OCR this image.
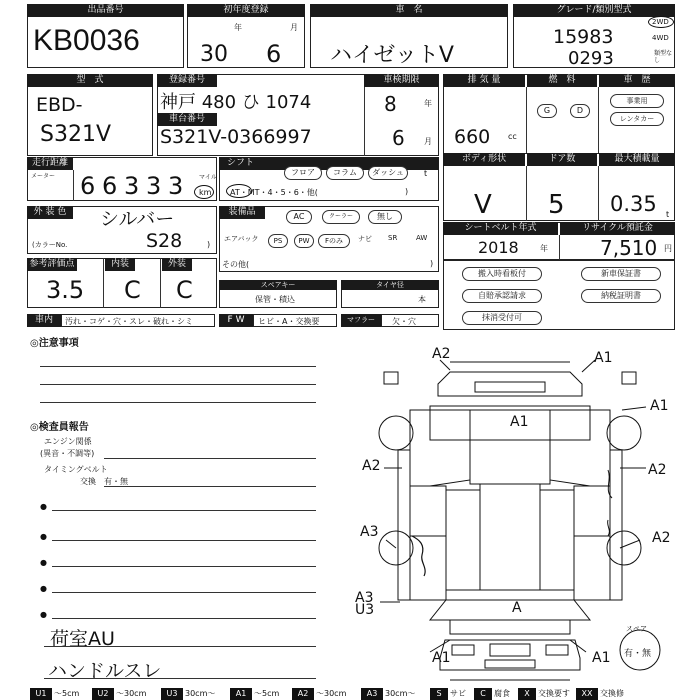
出品番号
KB0036
初年度登録
年	月
30 6
車　名
ハイゼットV
グレード/類別型式
15983
0293
2WD
4WD
類型なし
型　式
EBD-
S321V
登録番号
神戸 480 ひ 1074
車台番号
S321V-0366997
車検期限
8	年
6 月
排 気 量	燃　料	車　歴
660 cc
G	D
事業用
レンタカー
走行距離
メーター	マイル
km
シフト
フロア	コラム	ダッシュ	t
AT・MT・4・5・6・他(	)
ボディ形状	ドア数	最大積載量
V 5 0.35 t
外 装 色	シルバー
(カラーNo.	S28	)
装備品	AC	クーラー	無し
その他(	)
シートベルト年式	リサイクル預託金
2018	年	7,510 円
参考評価点	内装	外装
3.5 C C	スペアキー
保管・積込
タイヤ径
本
搬入時看板付	新車保証書
自賠承認請求	納税証明書
抹消受付可
車内	汚れ・コゲ・穴・スレ・破れ・シミ	F W	ヒビ・A・交換要	マフラー	欠・穴
◎注意事項
◎検査員報告
エンジン関係
(異音・不調等)
タイミングベルト
交換　有・無
荷室AU
ハンドルスレ
スペア
有・無
万 千 百 十 一
6 6 3 3 3
エアバック	PS	PW	Fのみ	ナビ SR	AW
●
●
●
●
●
A2	A1
A1
A1
A2	A2
A3	A2
A3
U3
A1	A1
A
U1 〜5cm	U2 〜30cm	U3 30cm〜	A1 〜5cm	A2 〜30cm	A3 30cm〜	S	サビ	C	腐食	X	交換要す	XX 交換修
